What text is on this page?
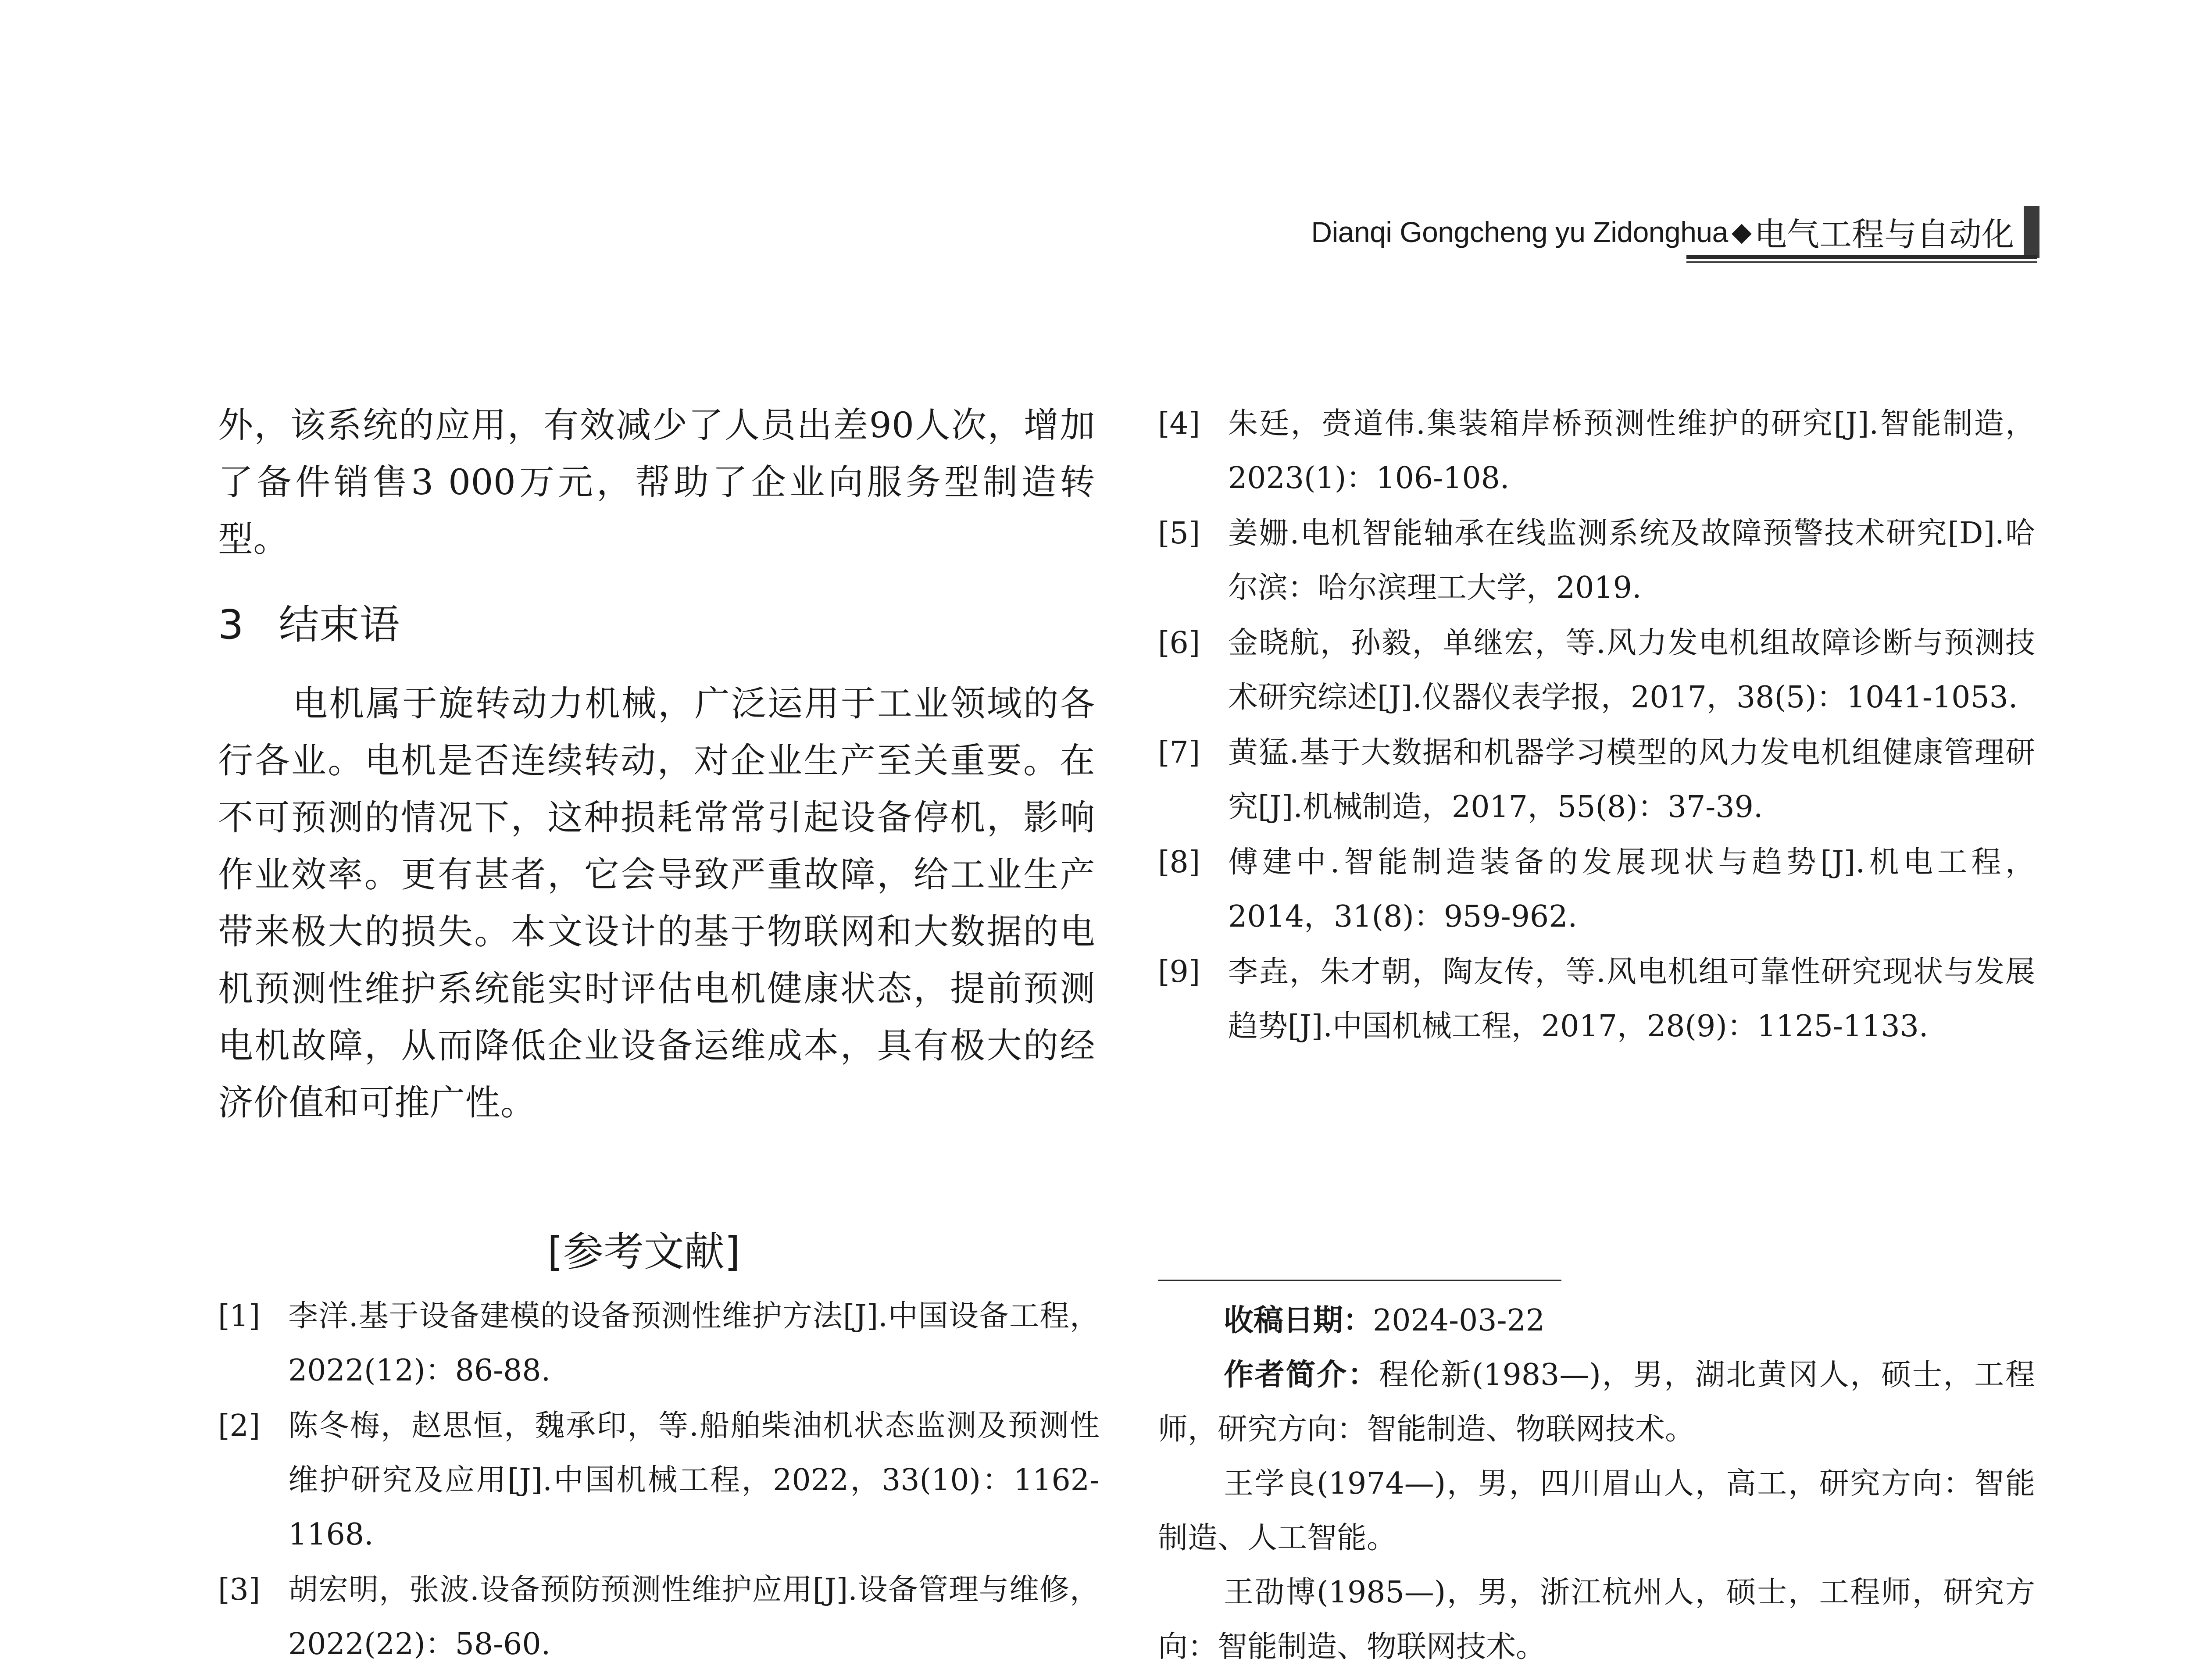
Dianqi Gongcheng yu Zidonghua ◆ 电气工程与自动化

外，该系统的应用，有效减少了人员出差90人次，增加了备件销售3 000万元，帮助了企业向服务型制造转型。

3 结束语

电机属于旋转动力机械，广泛运用于工业领域的各行各业。电机是否连续转动，对企业生产至关重要。在不可预测的情况下，这种损耗常常引起设备停机，影响作业效率。更有甚者，它会导致严重故障，给工业生产带来极大的损失。本文设计的基于物联网和大数据的电机预测性维护系统能实时评估电机健康状态，提前预测电机故障，从而降低企业设备运维成本，具有极大的经济价值和可推广性。

[参考文献]
[1] 李洋.基于设备建模的设备预测性维护方法[J].中国设备工程，2022(12)：86-88.
[2] 陈冬梅，赵思恒，魏承印，等.船舶柴油机状态监测及预测性维护研究及应用[J].中国机械工程，2022，33(10)：1162-1168.
[3] 胡宏明，张波.设备预防预测性维护应用[J].设备管理与维修，2022(22)：58-60.
[4] 朱廷，赍道伟.集装箱岸桥预测性维护的研究[J].智能制造，2023(1)：106-108.
[5] 姜姗.电机智能轴承在线监测系统及故障预警技术研究[D].哈尔滨：哈尔滨理工大学，2019.
[6] 金晓航，孙毅，单继宏，等.风力发电机组故障诊断与预测技术研究综述[J].仪器仪表学报，2017，38(5)：1041-1053.
[7] 黄猛.基于大数据和机器学习模型的风力发电机组健康管理研究[J].机械制造，2017，55(8)：37-39.
[8] 傅建中.智能制造装备的发展现状与趋势[J].机电工程，2014，31(8)：959-962.
[9] 李垚，朱才朝，陶友传，等.风电机组可靠性研究现状与发展趋势[J].中国机械工程，2017，28(9)：1125-1133.

收稿日期：2024-03-22

作者简介：程伦新(1983—)，男，湖北黄冈人，硕士，工程师，研究方向：智能制造、物联网技术。

王学良(1974—)，男，四川眉山人，高工，研究方向：智能制造、人工智能。

王劭博(1985—)，男，浙江杭州人，硕士，工程师，研究方向：智能制造、物联网技术。
